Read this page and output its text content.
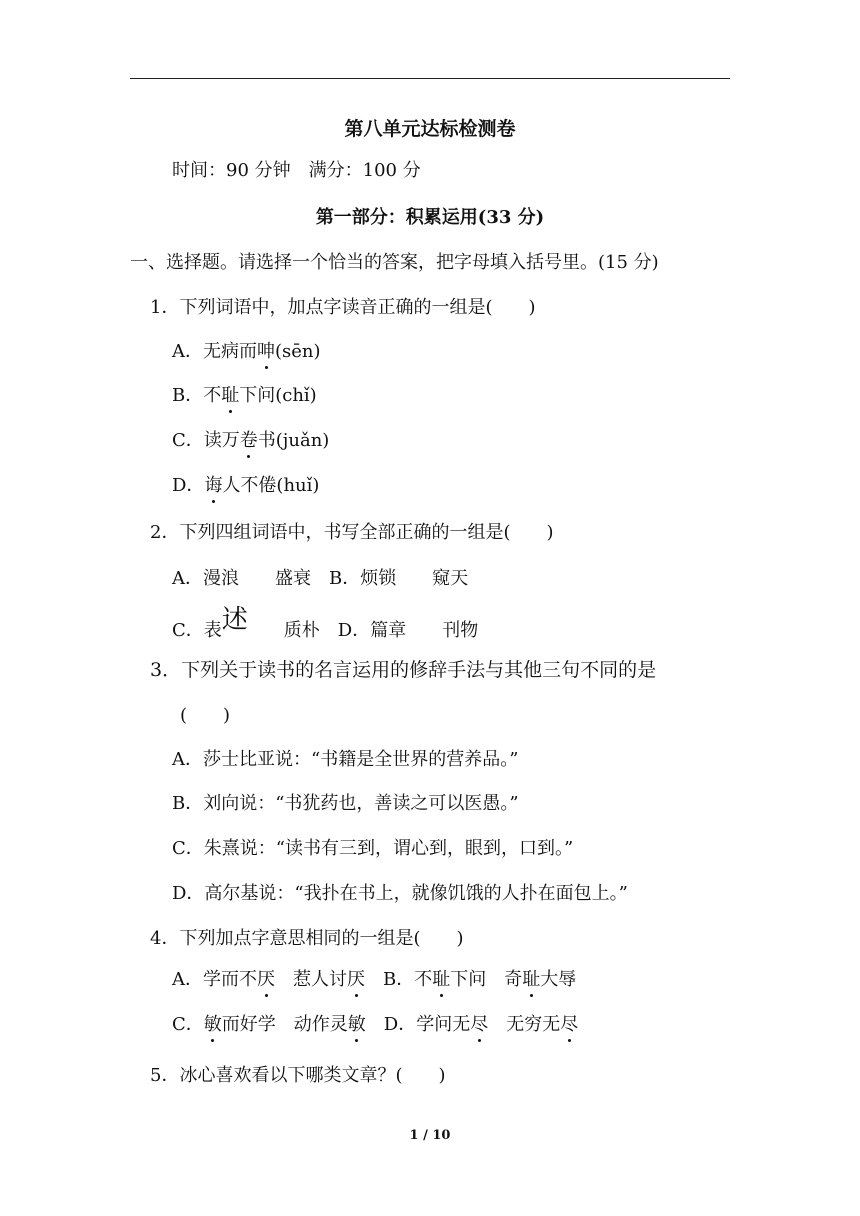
第八单元达标检测卷
时间：90 分钟　满分：100 分
第一部分：积累运用(33 分)
一、选择题。请选择一个恰当的答案，把字母填入括号里。(15 分)
1．下列词语中，加点字读音正确的一组是(　　)
A．无病而呻(sēn)
B．不耻下问(chǐ)
C．读万卷书(juǎn)
D．诲人不倦(huǐ)
2．下列四组词语中，书写全部正确的一组是(　　)
A．漫浪　　盛衰　B．烦锁　　窥天
C．表述　　质朴　D．篇章　　刊物
3．下列关于读书的名言运用的修辞手法与其他三句不同的是
(　　)
A．莎士比亚说：“书籍是全世界的营养品。”
B．刘向说：“书犹药也，善读之可以医愚。”
C．朱熹说：“读书有三到，谓心到，眼到，口到。”
D．高尔基说：“我扑在书上，就像饥饿的人扑在面包上。”
4．下列加点字意思相同的一组是(　　)
A．学而不厌　惹人讨厌　B．不耻下问　奇耻大辱
C．敏而好学　动作灵敏　D．学问无尽　无穷无尽
5．冰心喜欢看以下哪类文章？(　　)
1 / 10
